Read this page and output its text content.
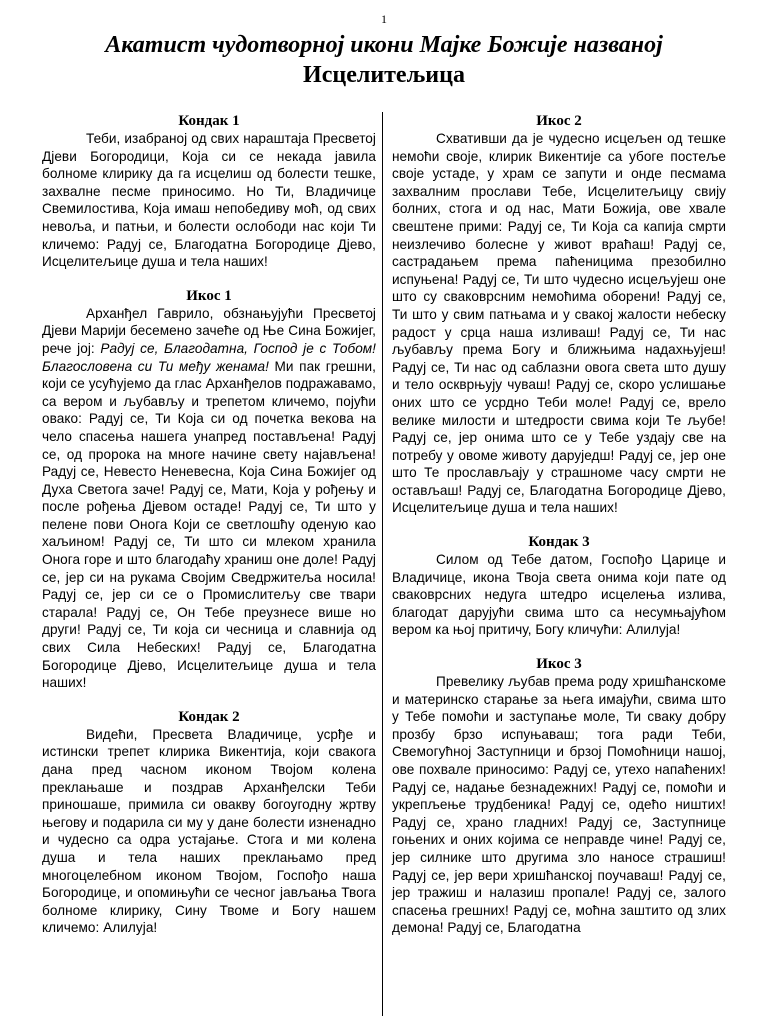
1
Акатист чудотворној икони Мајке Божије названој
Исцелитељица
Кондак 1

Теби, изабраној од свих нараштаја Пресветој Дјеви Богородици, Која си се некада јавила болноме клирику да га исцелиш од болести тешке, захвалне песме приносимо. Но Ти, Владичице Свемилостива, Која имаш непобедиву моћ, од свих невоља, и патњи, и болести ослободи нас који Ти кличемо: Радуј се, Благодатна Богородице Дјево, Исцелитељице душа и тела наших!

Икос 1

Арханђел Гаврило, обзнањујући Пресветој Дјеви Марији бесемено зачеће од Ње Сина Божијег, рече јој: Радуј се, Благодатна, Господ је с Тобом! Благословена си Ти међу женама! Ми пак грешни, који се усућујемо да глас Арханђелов подражавамо, са вером и љубављу и трепетом кличемо, појући овако: Радуј се, Ти Која си од почетка векова на чело спасења нашега унапред постављена! Радуј се, од пророка на многе начине свету најављена! Радуј се, Невесто Неневесна, Која Сина Божијег од Духа Светога заче! Радуј се, Мати, Која у рођењу и после рођења Дјевом остаде! Радуј се, Ти што у пелене пови Онога Који се светлошћу оденую као хаљином! Радуј се, Ти што си млеком хранила Онога горе и што благодаћу храниш оне доле! Радуј се, јер си на рукама Својим Сведржитеља носила! Радуј се, јер си се о Промислитељу све твари старала! Радуј се, Он Тебе преузнесе више но други! Радуј се, Ти која си чесница и славнија од свих Сила Небеских! Радуј се, Благодатна Богородице Дјево, Исцелитељице душа и тела наших!

Кондак 2

Видећи, Пресвета Владичице, усрђе и истински трепет клирика Викентија, који свакога дана пред часном иконом Твојом колена преклањаше и поздрав Арханђелски Теби приношаше, примила си овакву богоугодну жртву његову и подарила си му у дане болести изненадно и чудесно са одра устајање. Стога и ми колена душа и тела наших преклањамо пред многоцелебном иконом Твојом, Госпођо наша Богородице, и опомињући се чесног јављања Твога болноме клирику, Сину Твоме и Богу нашем кличемо: Алилуја!

Икос 2

Схвативши да је чудесно исцељен од тешке немоћи своје, клирик Викентије са убоге постеље своје устаде, у храм се запути и онде песмама захвалним прослави Тебе, Исцелитељицу свију болних, стога и од нас, Мати Божија, ове хвале свештене прими: Радуј се, Ти Која са капија смрти неизлечиво болесне у живот враћаш! Радуј се, састрадањем према паћеницима презобилно испуњена! Радуј се, Ти што чудесно исцељујеш оне што су сваковрсним немоћима оборени! Радуј се, Ти што у свим патњама и у свакој жалости небеску радост у срца наша изливаш! Радуј се, Ти нас љубављу према Богу и ближњима надахњујеш! Радуј се, Ти нас од саблазни овога света што душу и тело оскврњују чуваш! Радуј се, скоро услишање оних што се усрдно Теби моле! Радуј се, врело велике милости и штедрости свима који Те љубе! Радуј се, јер онима што се у Тебе уздају све на потребу у овоме животу даруједш! Радуј се, јер оне што Те прослављају у страшноме часу смрти не остављаш! Радуј се, Благодатна Богородице Дјево, Исцелитељице душа и тела наших!

Кондак 3

Силом од Тебе датом, Госпођо Царице и Владичице, икона Твоја света онима који пате од сваковрсних недуга штедро исцелења излива, благодат дарујући свима што са несумњајућом вером ка њој притичу, Богу кличући: Алилуја!

Икос 3

Превелику љубав према роду хришћанскоме и материнско старање за њега имајући, свима што у Тебе помоћи и заступање моле, Ти сваку добру прозбу брзо испуњаваш; тога ради Теби, Свемогућној Заступници и брзој Помоћници нашој, ове похвале приносимо: Радуј се, утехо напаћених! Радуј се, надање безнадежних! Радуј се, помоћи и укрепљење трудбеника! Радуј се, одећо ништих! Радуј се, храно гладних! Радуј се, Заступнице гоњених и оних којима се неправде чине! Радуј се, јер силнике што другима зло наносе страшиш! Радуј се, јер вери хришћанској поучаваш! Радуј се, јер тражиш и налазиш пропале! Радуј се, залого спасења грешних! Радуј се, моћна заштито од злих демона! Радуј се, Благодатна
